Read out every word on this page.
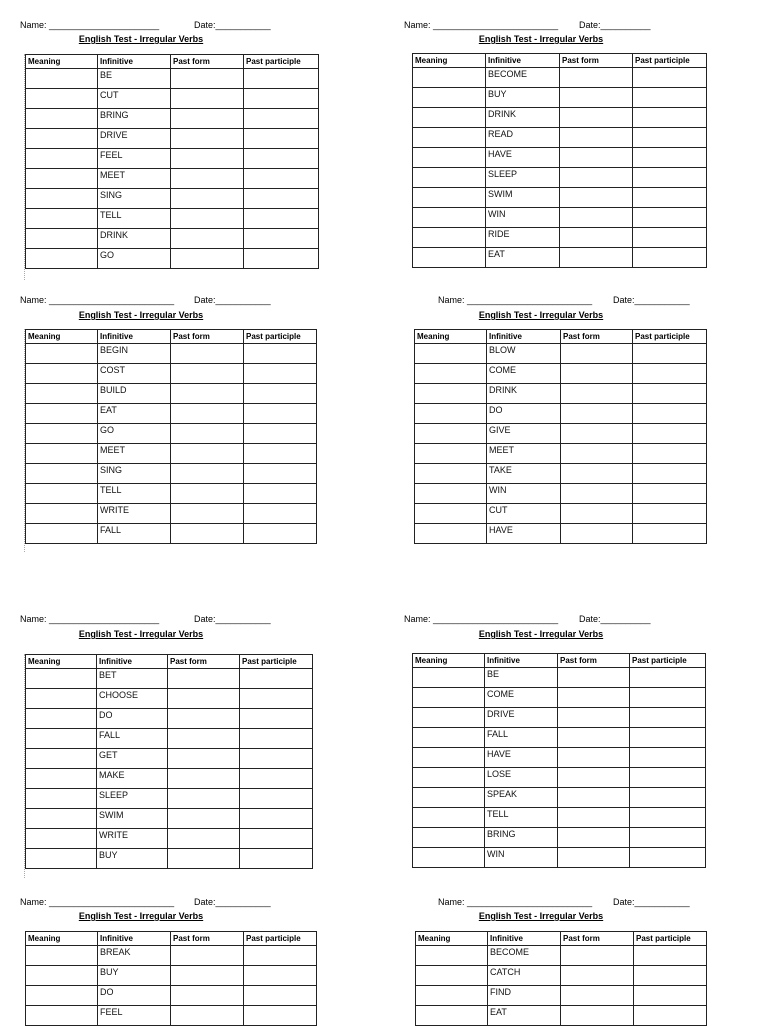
Name: ______________________	Date:___________
English Test - Irregular Verbs
Meaning	Infinitive	Past form	Past participle
	BE		
	CUT		
	BRING		
	DRIVE		
	FEEL		
	MEET		
	SING		
	TELL		
	DRINK		
	GO		
Name: _________________________ Date:__________
English Test - Irregular Verbs
Meaning	Infinitive	Past form	Past participle
	BECOME		
	BUY		
	DRINK		
	READ		
	HAVE		
	SLEEP		
	SWIM		
	WIN		
	RIDE		
	EAT		
Name: _________________________ Date:___________
English Test - Irregular Verbs
Meaning	Infinitive	Past form	Past participle
	BEGIN		
	COST		
	BUILD		
	EAT		
	GO		
	MEET		
	SING		
	TELL		
	WRITE		
	FALL		
Name: _________________________ Date:___________
English Test - Irregular Verbs
Meaning	Infinitive	Past form	Past participle
	BLOW		
	COME		
	DRINK		
	DO		
	GIVE		
	MEET		
	TAKE		
	WIN		
	CUT		
	HAVE		
Name: ______________________	Date:___________
English Test - Irregular Verbs
Meaning	Infinitive	Past form	Past participle
	BET		
	CHOOSE		
	DO		
	FALL		
	GET		
	MAKE		
	SLEEP		
	SWIM		
	WRITE		
	BUY		
Name: _________________________ Date:__________
English Test - Irregular Verbs
Meaning	Infinitive	Past form	Past participle
	BE		
	COME		
	DRIVE		
	FALL		
	HAVE		
	LOSE		
	SPEAK		
	TELL		
	BRING		
	WIN		
Name: _________________________ Date:___________
English Test - Irregular Verbs
Meaning	Infinitive	Past form	Past participle
	BREAK		
	BUY		
	DO		
	FEEL		
Name: _________________________ Date:___________
English Test - Irregular Verbs
Meaning	Infinitive	Past form	Past participle
	BECOME		
	CATCH		
	FIND		
	EAT		
